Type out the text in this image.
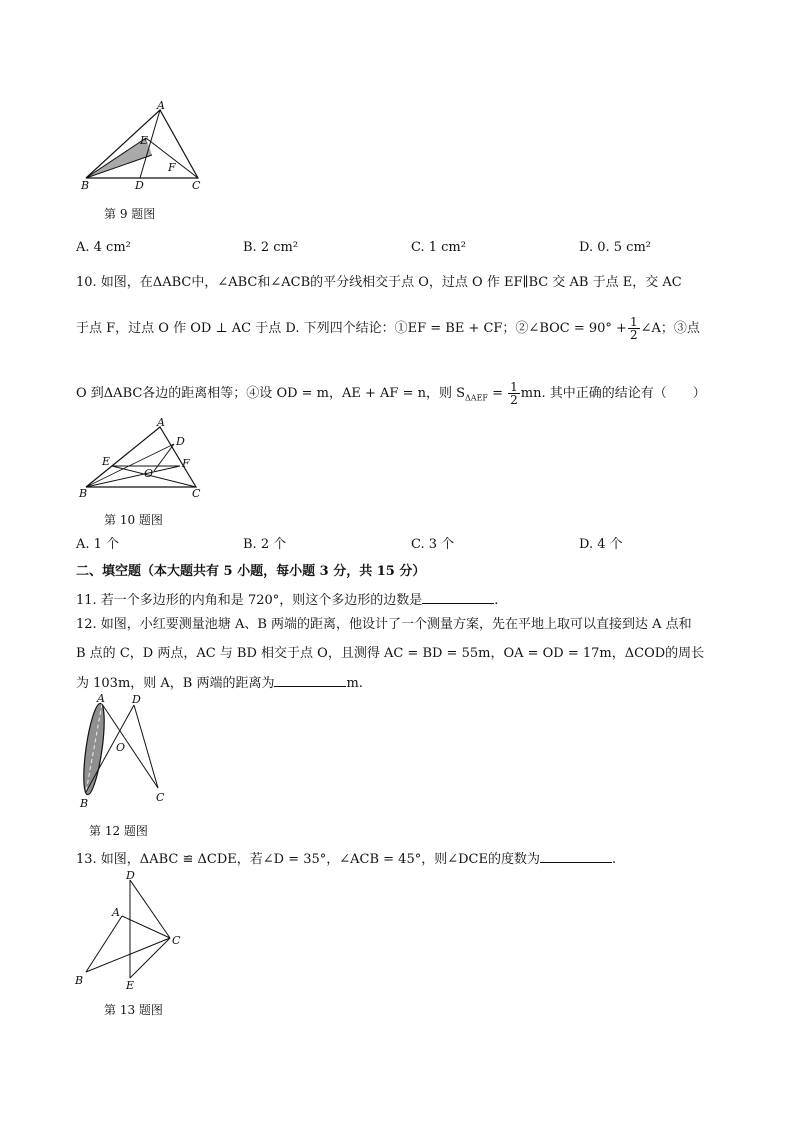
A
E
F
B	D	C
第 9 题图
A. 4 cm²	B. 2 cm²	C. 1 cm²	D. 0. 5 cm²
10. 如图，在ΔABC中，∠ABC和∠ACB的平分线相交于点 O，过点 O 作 EF∥BC 交 AB 于点 E，交 AC
于点 F，过点 O 作 OD ⊥ AC 于点 D. 下列四个结论：①EF = BE + CF；②∠BOC = $90^\circ + \frac{1}{2}$ ∠A；③点
O 到ΔABC各边的距离相等；④设 OD = m，AE + AF = n，则 $S_{\Delta AEF} = \frac{1}{2}$ mn. 其中正确的结论有（　　）
A
D
E
O
F
B	C
第 10 题图
A. 1 个	B. 2 个	C. 3 个	D. 4 个
二、填空题（本大题共有 5 小题，每小题 3 分，共 15 分）
11. 若一个多边形的内角和是 720°，则这个多边形的边数是	.
12. 如图，小红要测量池塘 A、B 两端的距离，他设计了一个测量方案，先在平地上取可以直接到达 A 点和
B 点的 C，D 两点，AC 与 BD 相交于点 O，且测得 AC = BD = 55m，OA = OD = 17m，ΔCOD的周长
为 103m，则 A，B 两端的距离为	m.
A D
O
B	C
第 12 题图
13. 如图，ΔABC ≌ ΔCDE，若∠D = 35°，∠ACB = 45°，则∠DCE的度数为	.
D
A
C
B	E
第 13 题图
